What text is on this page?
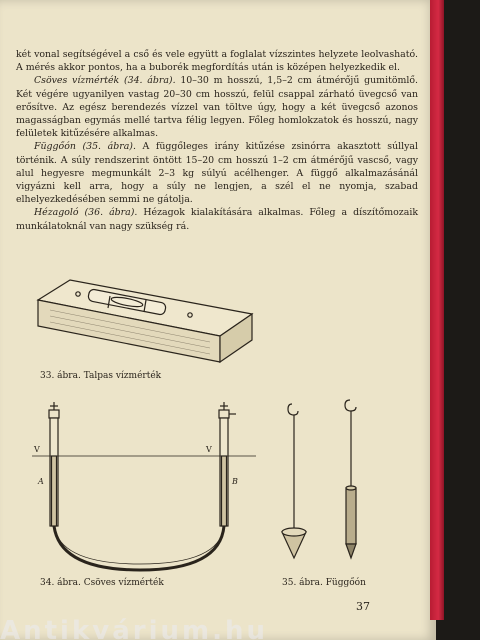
két vonal segítségével a cső és vele együtt a foglalat vízszintes helyzete leolvasható. A mérés akkor pontos, ha a buborék megfordítás után is középen helyezkedik el.

Csöves vízmérték (34. ábra). 10–30 m hosszú, 1,5–2 cm átmérőjű gumitömlő. Két végére ugyanilyen vastag 20–30 cm hosszú, felül csappal zárható üvegcső van erősítve. Az egész berendezés vízzel van töltve úgy, hogy a két üvegcső azonos magasságban egymás mellé tartva félig legyen. Főleg homlokzatok és hosszú, nagy felületek kitűzésére alkalmas.

Függőón (35. ábra). A függőleges irány kitűzése zsinórra akasztott súllyal történik. A súly rendszerint öntött 15–20 cm hosszú 1–2 cm átmérőjű vascső, vagy alul hegyesre megmunkált 2–3 kg súlyú acélhenger. A függő alkalmazásánál vigyázni kell arra, hogy a súly ne lengjen, a szél el ne nyomja, szabad elhelyezkedésében semmi ne gátolja.

Hézagoló (36. ábra). Hézagok kialakítására alkalmas. Főleg a díszítőmozaik munkálatoknál van nagy szükség rá.

33. ábra. Talpas vízmérték
V	V
A	B
34. ábra. Csöves vízmérték	35. ábra. Függőón
37
Antikvárium.hu
